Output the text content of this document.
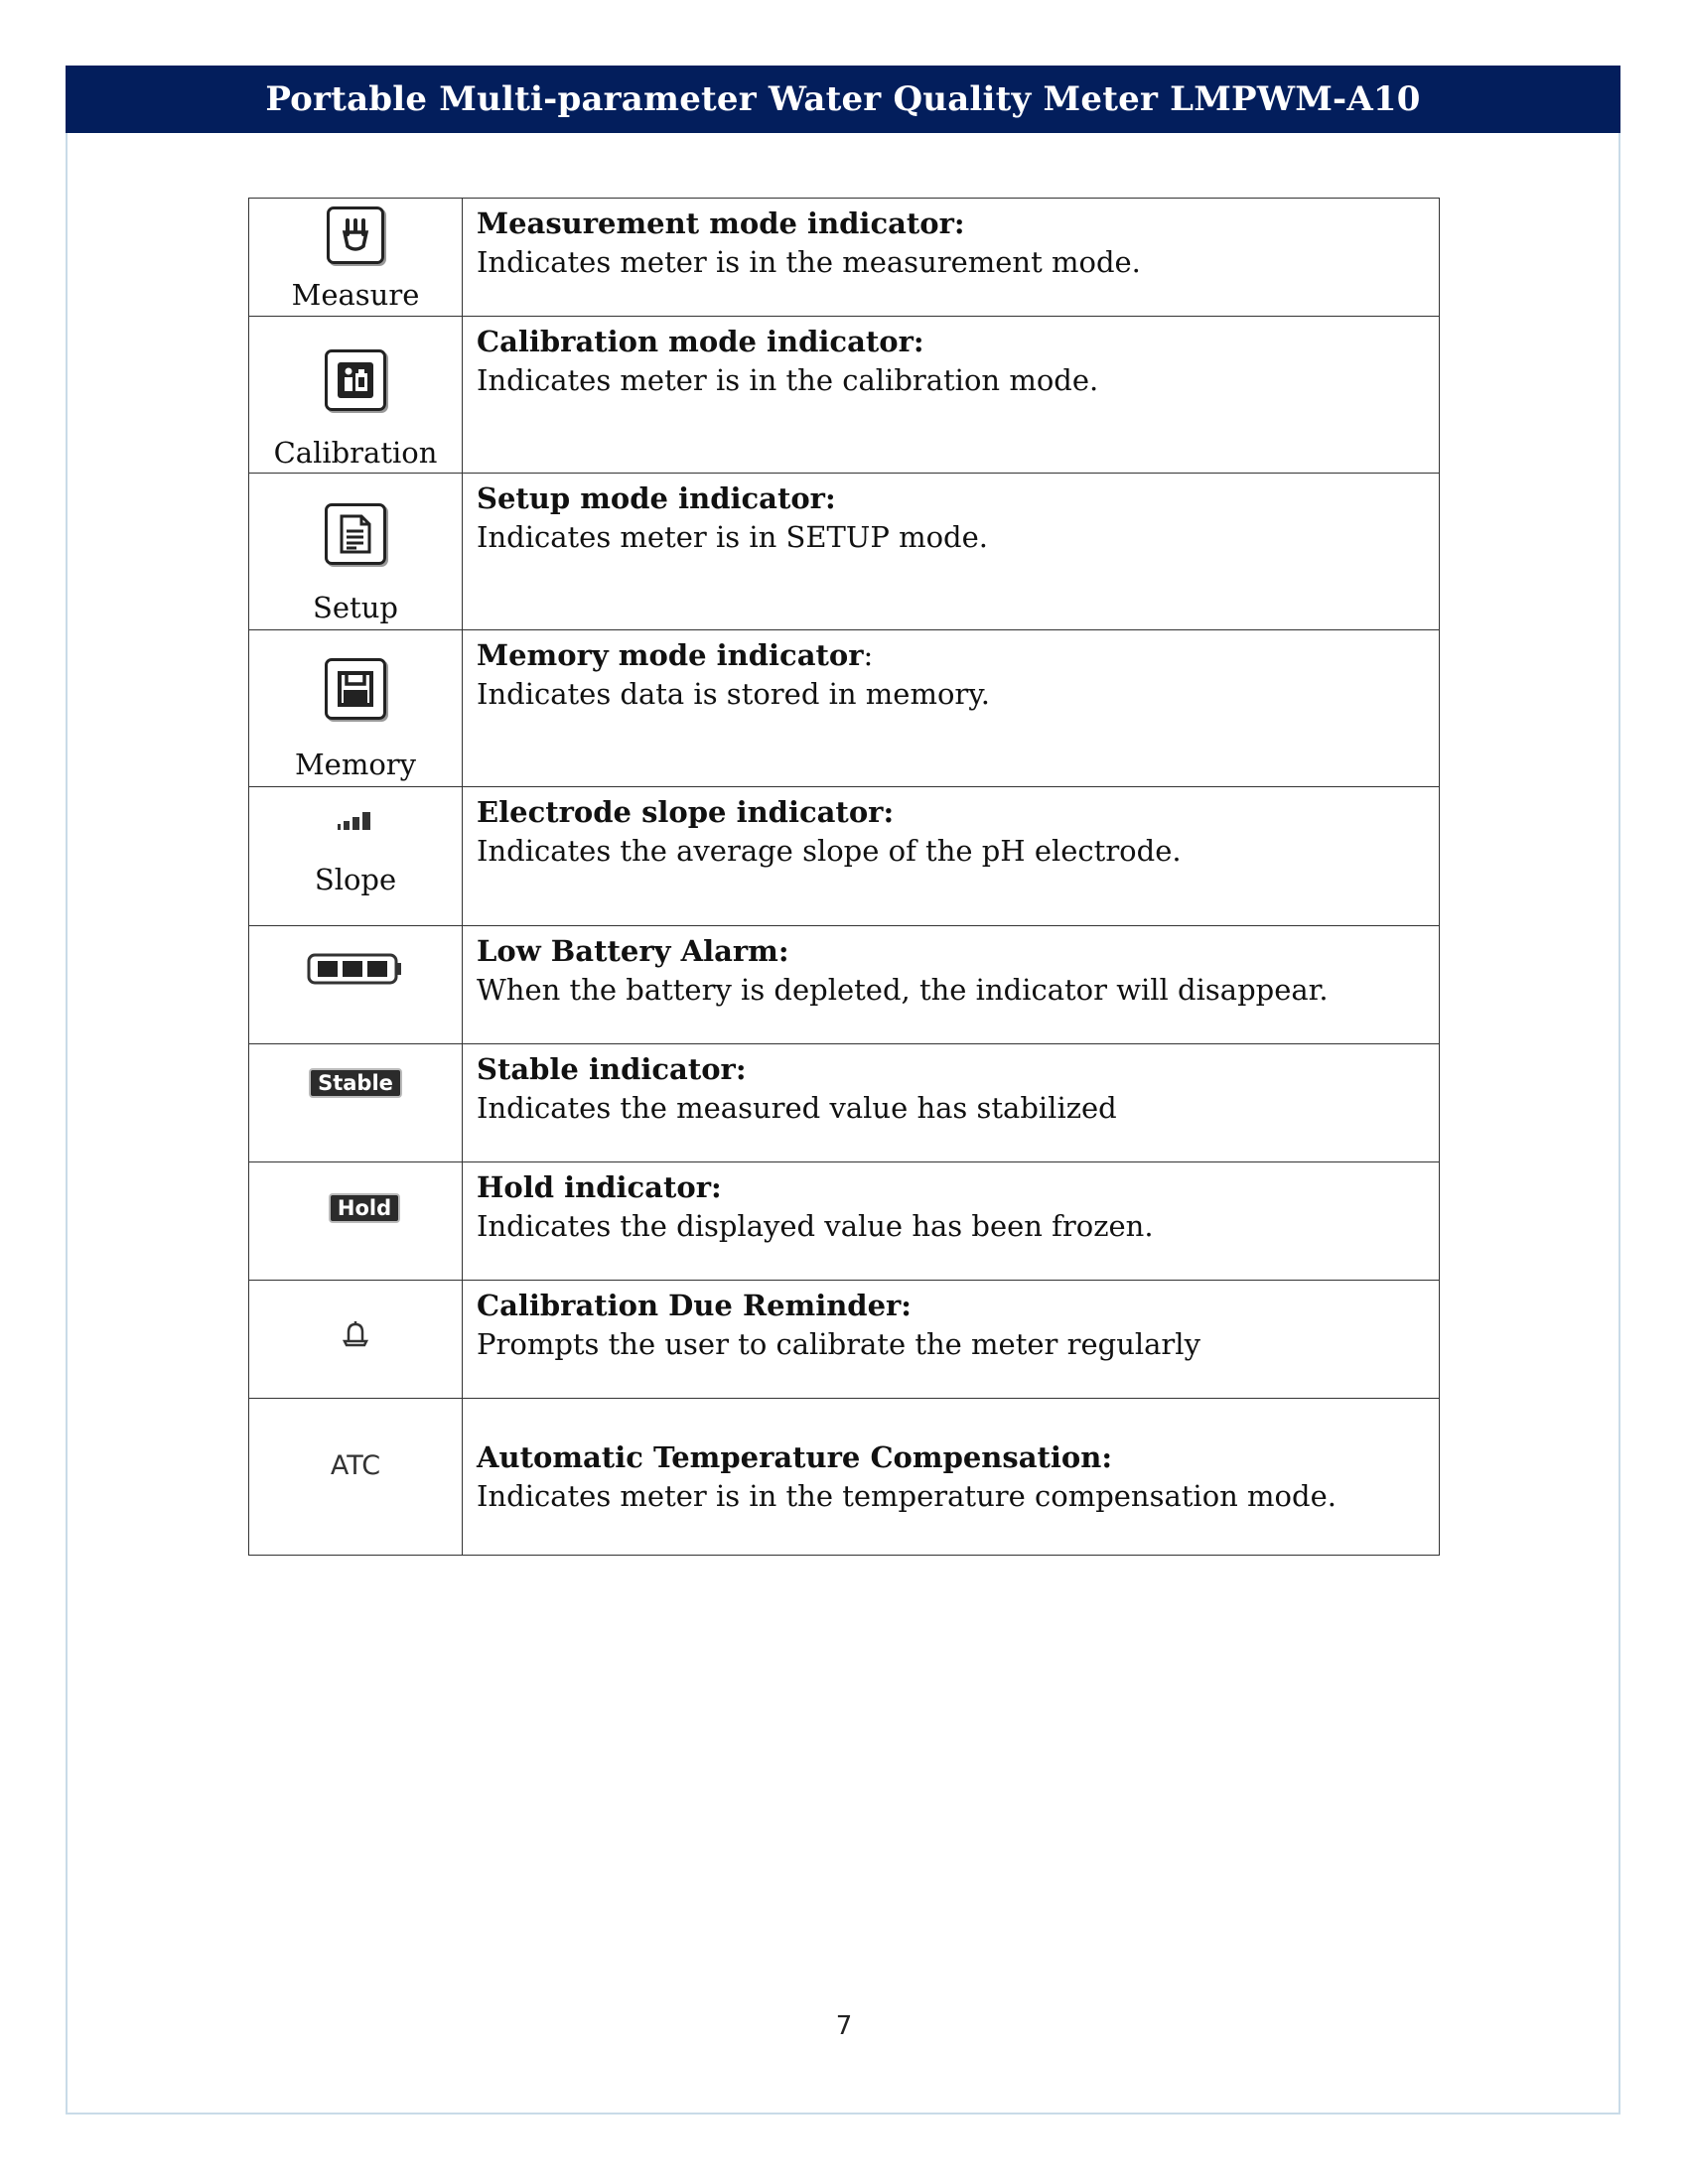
Portable Multi-parameter Water Quality Meter LMPWM-A10
Measure	Measurement mode indicator:
Indicates meter is in the measurement mode.

Calibration	Calibration mode indicator:
Indicates meter is in the calibration mode.

Setup	Setup mode indicator:
Indicates meter is in SETUP mode.

Memory	Memory mode indicator:
Indicates data is stored in memory.

Slope	Electrode slope indicator:
Indicates the average slope of the pH electrode.

Low Battery Alarm:
When the battery is depleted, the indicator will disappear.

Stable	Stable indicator:
Indicates the measured value has stabilized

Hold	Hold indicator:
Indicates the displayed value has been frozen.

Calibration Due Reminder:
Prompts the user to calibrate the meter regularly

ATC	Automatic Temperature Compensation:
Indicates meter is in the temperature compensation mode.
7
